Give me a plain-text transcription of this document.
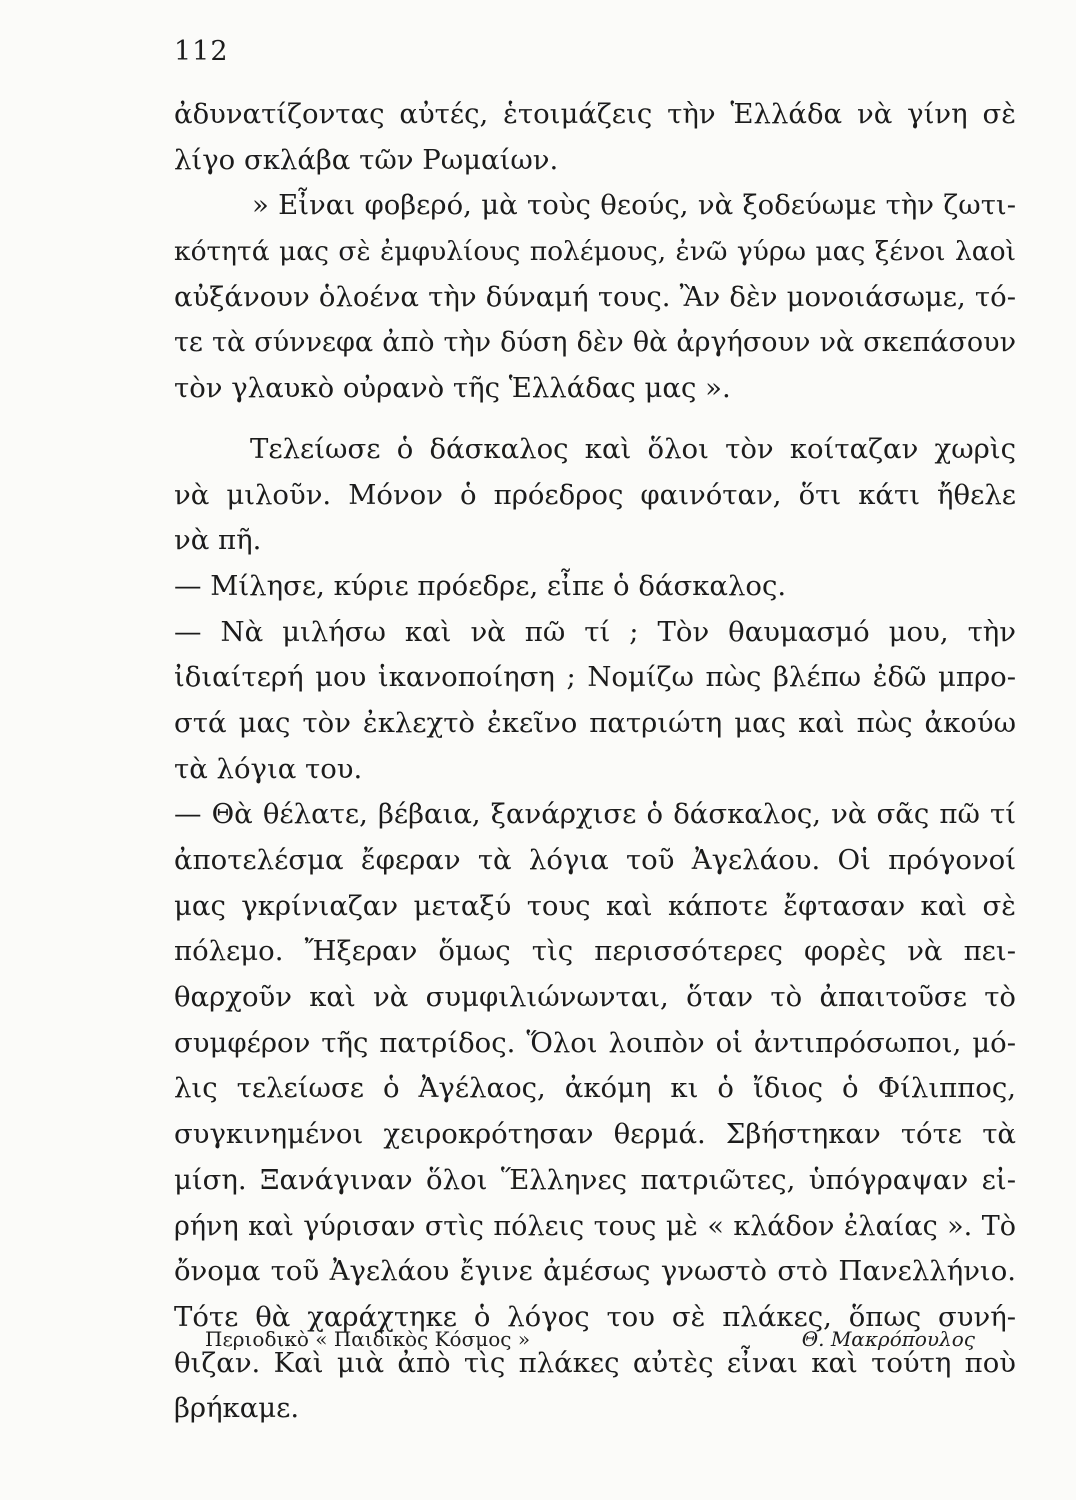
112
ἀδυνατίζοντας αὐτές, ἑτοιμάζεις τὴν Ἑλλάδα νὰ γίνη σὲ
λίγο σκλάβα τῶν Ρωμαίων.
» Εἶναι φοβερό, μὰ τοὺς θεούς, νὰ ξοδεύωμε τὴν ζωτι-
κότητά μας σὲ ἐμφυλίους πολέμους, ἐνῶ γύρω μας ξένοι λαοὶ
αὐξάνουν ὁλοένα τὴν δύναμή τους. Ἂν δὲν μονοιάσωμε, τό-
τε τὰ σύννεφα ἀπὸ τὴν δύση δὲν θὰ ἀργήσουν νὰ σκεπάσουν
τὸν γλαυκὸ οὐρανὸ τῆς Ἑλλάδας μας ».
Τελείωσε ὁ δάσκαλος καὶ ὅλοι τὸν κοίταζαν χωρὶς
νὰ μιλοῦν. Μόνον ὁ πρόεδρος φαινόταν, ὅτι κάτι ἤθελε
νὰ πῆ.
— Μίλησε, κύριε πρόεδρε, εἶπε ὁ δάσκαλος.
— Νὰ μιλήσω καὶ νὰ πῶ τί ; Τὸν θαυμασμό μου, τὴν
ἰδιαίτερή μου ἱκανοποίηση ; Νομίζω πὼς βλέπω ἐδῶ μπρο-
στά μας τὸν ἐκλεχτὸ ἐκεῖνο πατριώτη μας καὶ πὼς ἀκούω
τὰ λόγια του.
— Θὰ θέλατε, βέβαια, ξανάρχισε ὁ δάσκαλος, νὰ σᾶς πῶ τί
ἀποτελέσμα ἔφεραν τὰ λόγια τοῦ Ἀγελάου. Οἱ πρόγονοί
μας γκρίνιαζαν μεταξύ τους καὶ κάποτε ἔφτασαν καὶ σὲ
πόλεμο. Ἤξεραν ὅμως τὶς περισσότερες φορὲς νὰ πει-
θαρχοῦν καὶ νὰ συμφιλιώνωνται, ὅταν τὸ ἀπαιτοῦσε τὸ
συμφέρον τῆς πατρίδος. Ὅλοι λοιπὸν οἱ ἀντιπρόσωποι, μό-
λις τελείωσε ὁ Ἀγέλαος, ἀκόμη κι ὁ ἴδιος ὁ Φίλιππος,
συγκινημένοι χειροκρότησαν θερμά. Σβήστηκαν τότε τὰ
μίση. Ξανάγιναν ὅλοι Ἕλληνες πατριῶτες, ὑπόγραψαν εἰ-
ρήνη καὶ γύρισαν στὶς πόλεις τους μὲ « κλάδον ἐλαίας ». Τὸ
ὄνομα τοῦ Ἀγελάου ἔγινε ἀμέσως γνωστὸ στὸ Πανελλήνιο.
Τότε θὰ χαράχτηκε ὁ λόγος του σὲ πλάκες, ὅπως συνή-
θιζαν. Καὶ μιὰ ἀπὸ τὶς πλάκες αὐτὲς εἶναι καὶ τούτη ποὺ
βρήκαμε.
Περιοδικὸ « Παιδικὸς Κόσμος »	Θ. Μακρόπουλος
